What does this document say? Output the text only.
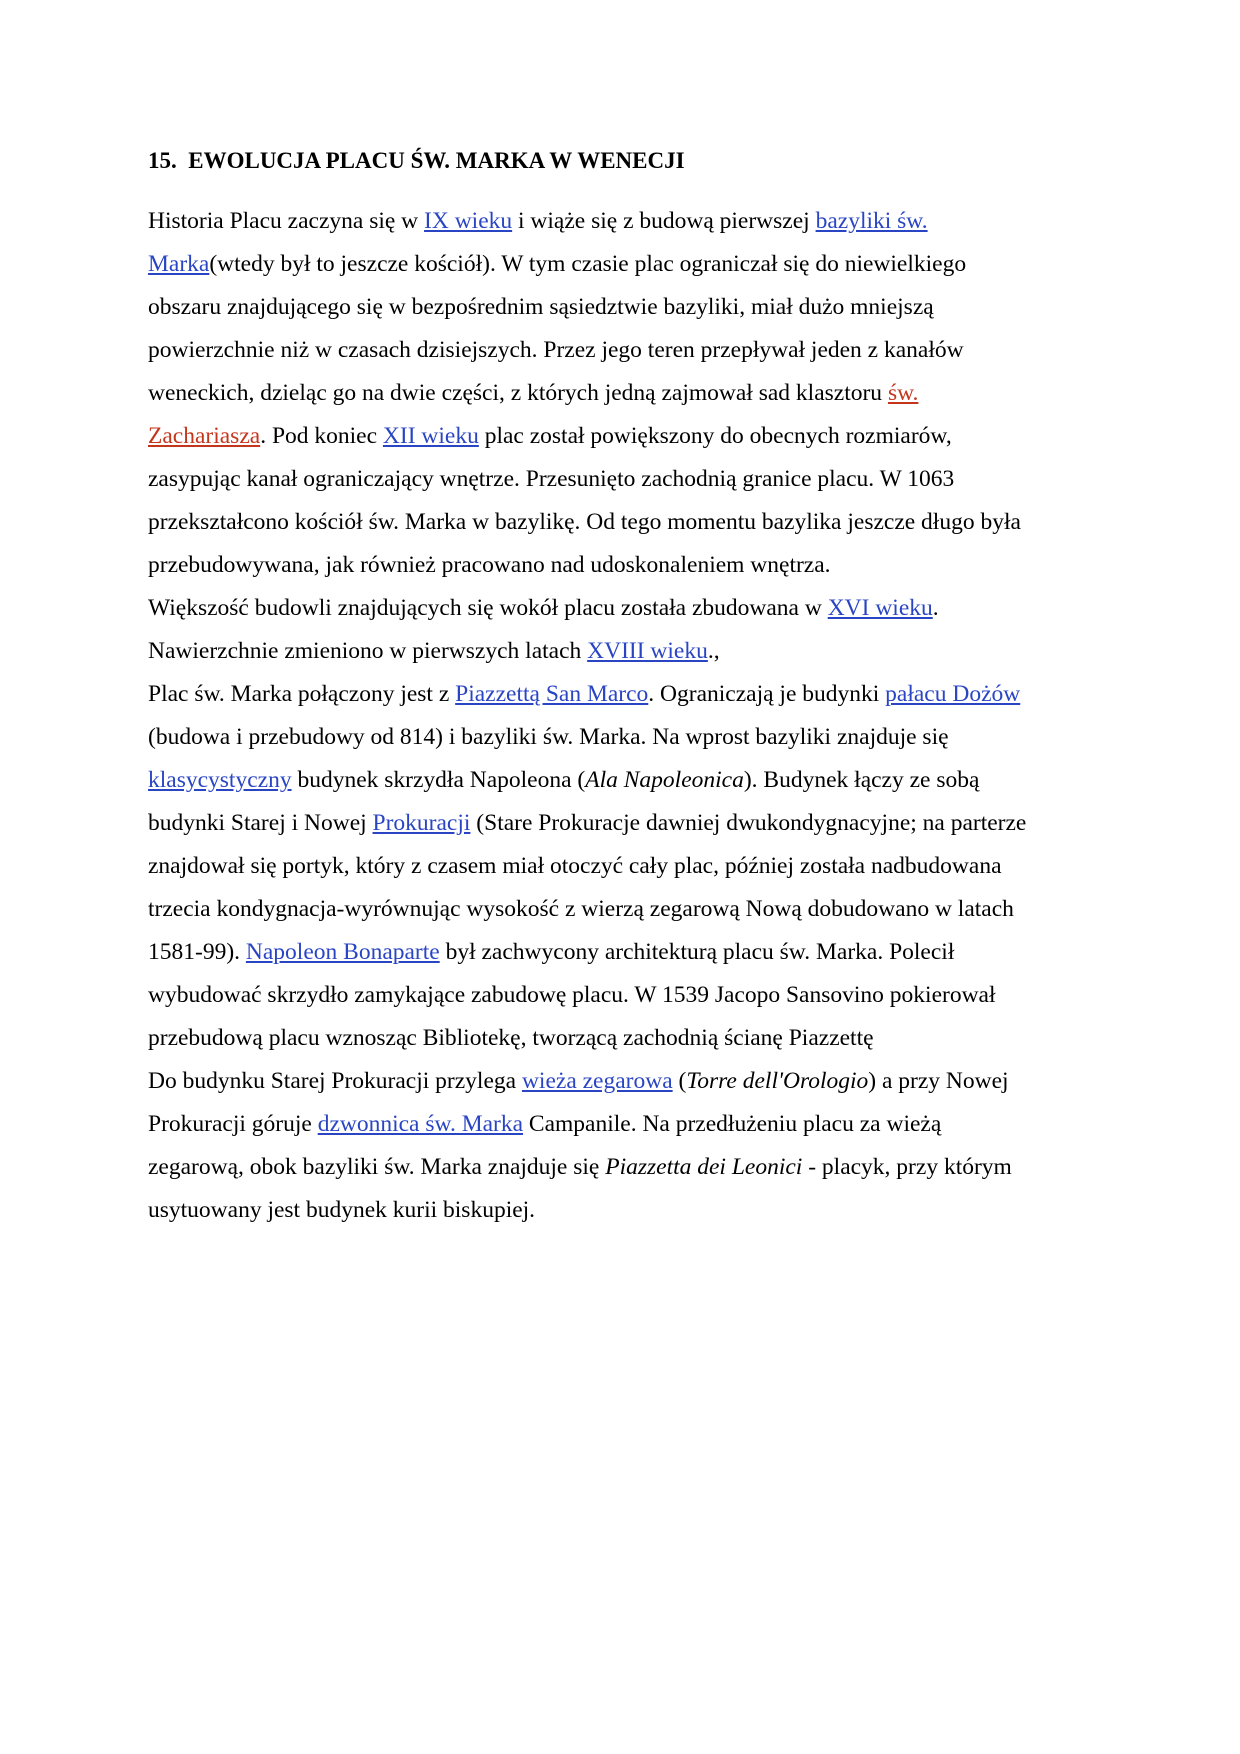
15. EWOLUCJA PLACU ŚW. MARKA W WENECJI
Historia Placu zaczyna się w IX wieku i wiąże się z budową pierwszej bazyliki św.
Marka(wtedy był to jeszcze kościół). W tym czasie plac ograniczał się do niewielkiego
obszaru znajdującego się w bezpośrednim sąsiedztwie bazyliki, miał dużo mniejszą
powierzchnie niż w czasach dzisiejszych. Przez jego teren przepływał jeden z kanałów
weneckich, dzieląc go na dwie części, z których jedną zajmował sad klasztoru św.
Zachariasza. Pod koniec XII wieku plac został powiększony do obecnych rozmiarów,
zasypując kanał ograniczający wnętrze. Przesunięto zachodnią granice placu. W 1063
przekształcono kościół św. Marka w bazylikę. Od tego momentu bazylika jeszcze długo była
przebudowywana, jak również pracowano nad udoskonaleniem wnętrza.
Większość budowli znajdujących się wokół placu została zbudowana w XVI wieku.
Nawierzchnie zmieniono w pierwszych latach XVIII wieku.,
Plac św. Marka połączony jest z Piazzettą San Marco. Ograniczają je budynki pałacu Dożów
(budowa i przebudowy od 814) i bazyliki św. Marka. Na wprost bazyliki znajduje się
klasycystyczny budynek skrzydła Napoleona (Ala Napoleonica). Budynek łączy ze sobą
budynki Starej i Nowej Prokuracji (Stare Prokuracje dawniej dwukondygnacyjne; na parterze
znajdował się portyk, który z czasem miał otoczyć cały plac, później została nadbudowana
trzecia kondygnacja-wyrównując wysokość z wierzą zegarową Nową dobudowano w latach
1581-99). Napoleon Bonaparte był zachwycony architekturą placu św. Marka. Polecił
wybudować skrzydło zamykające zabudowę placu. W 1539 Jacopo Sansovino pokierował
przebudową placu wznosząc Bibliotekę, tworzącą zachodnią ścianę Piazzettę
Do budynku Starej Prokuracji przylega wieża zegarowa (Torre dell'Orologio) a przy Nowej
Prokuracji góruje dzwonnica św. Marka Campanile. Na przedłużeniu placu za wieżą
zegarową, obok bazyliki św. Marka znajduje się Piazzetta dei Leonici - placyk, przy którym
usytuowany jest budynek kurii biskupiej.
